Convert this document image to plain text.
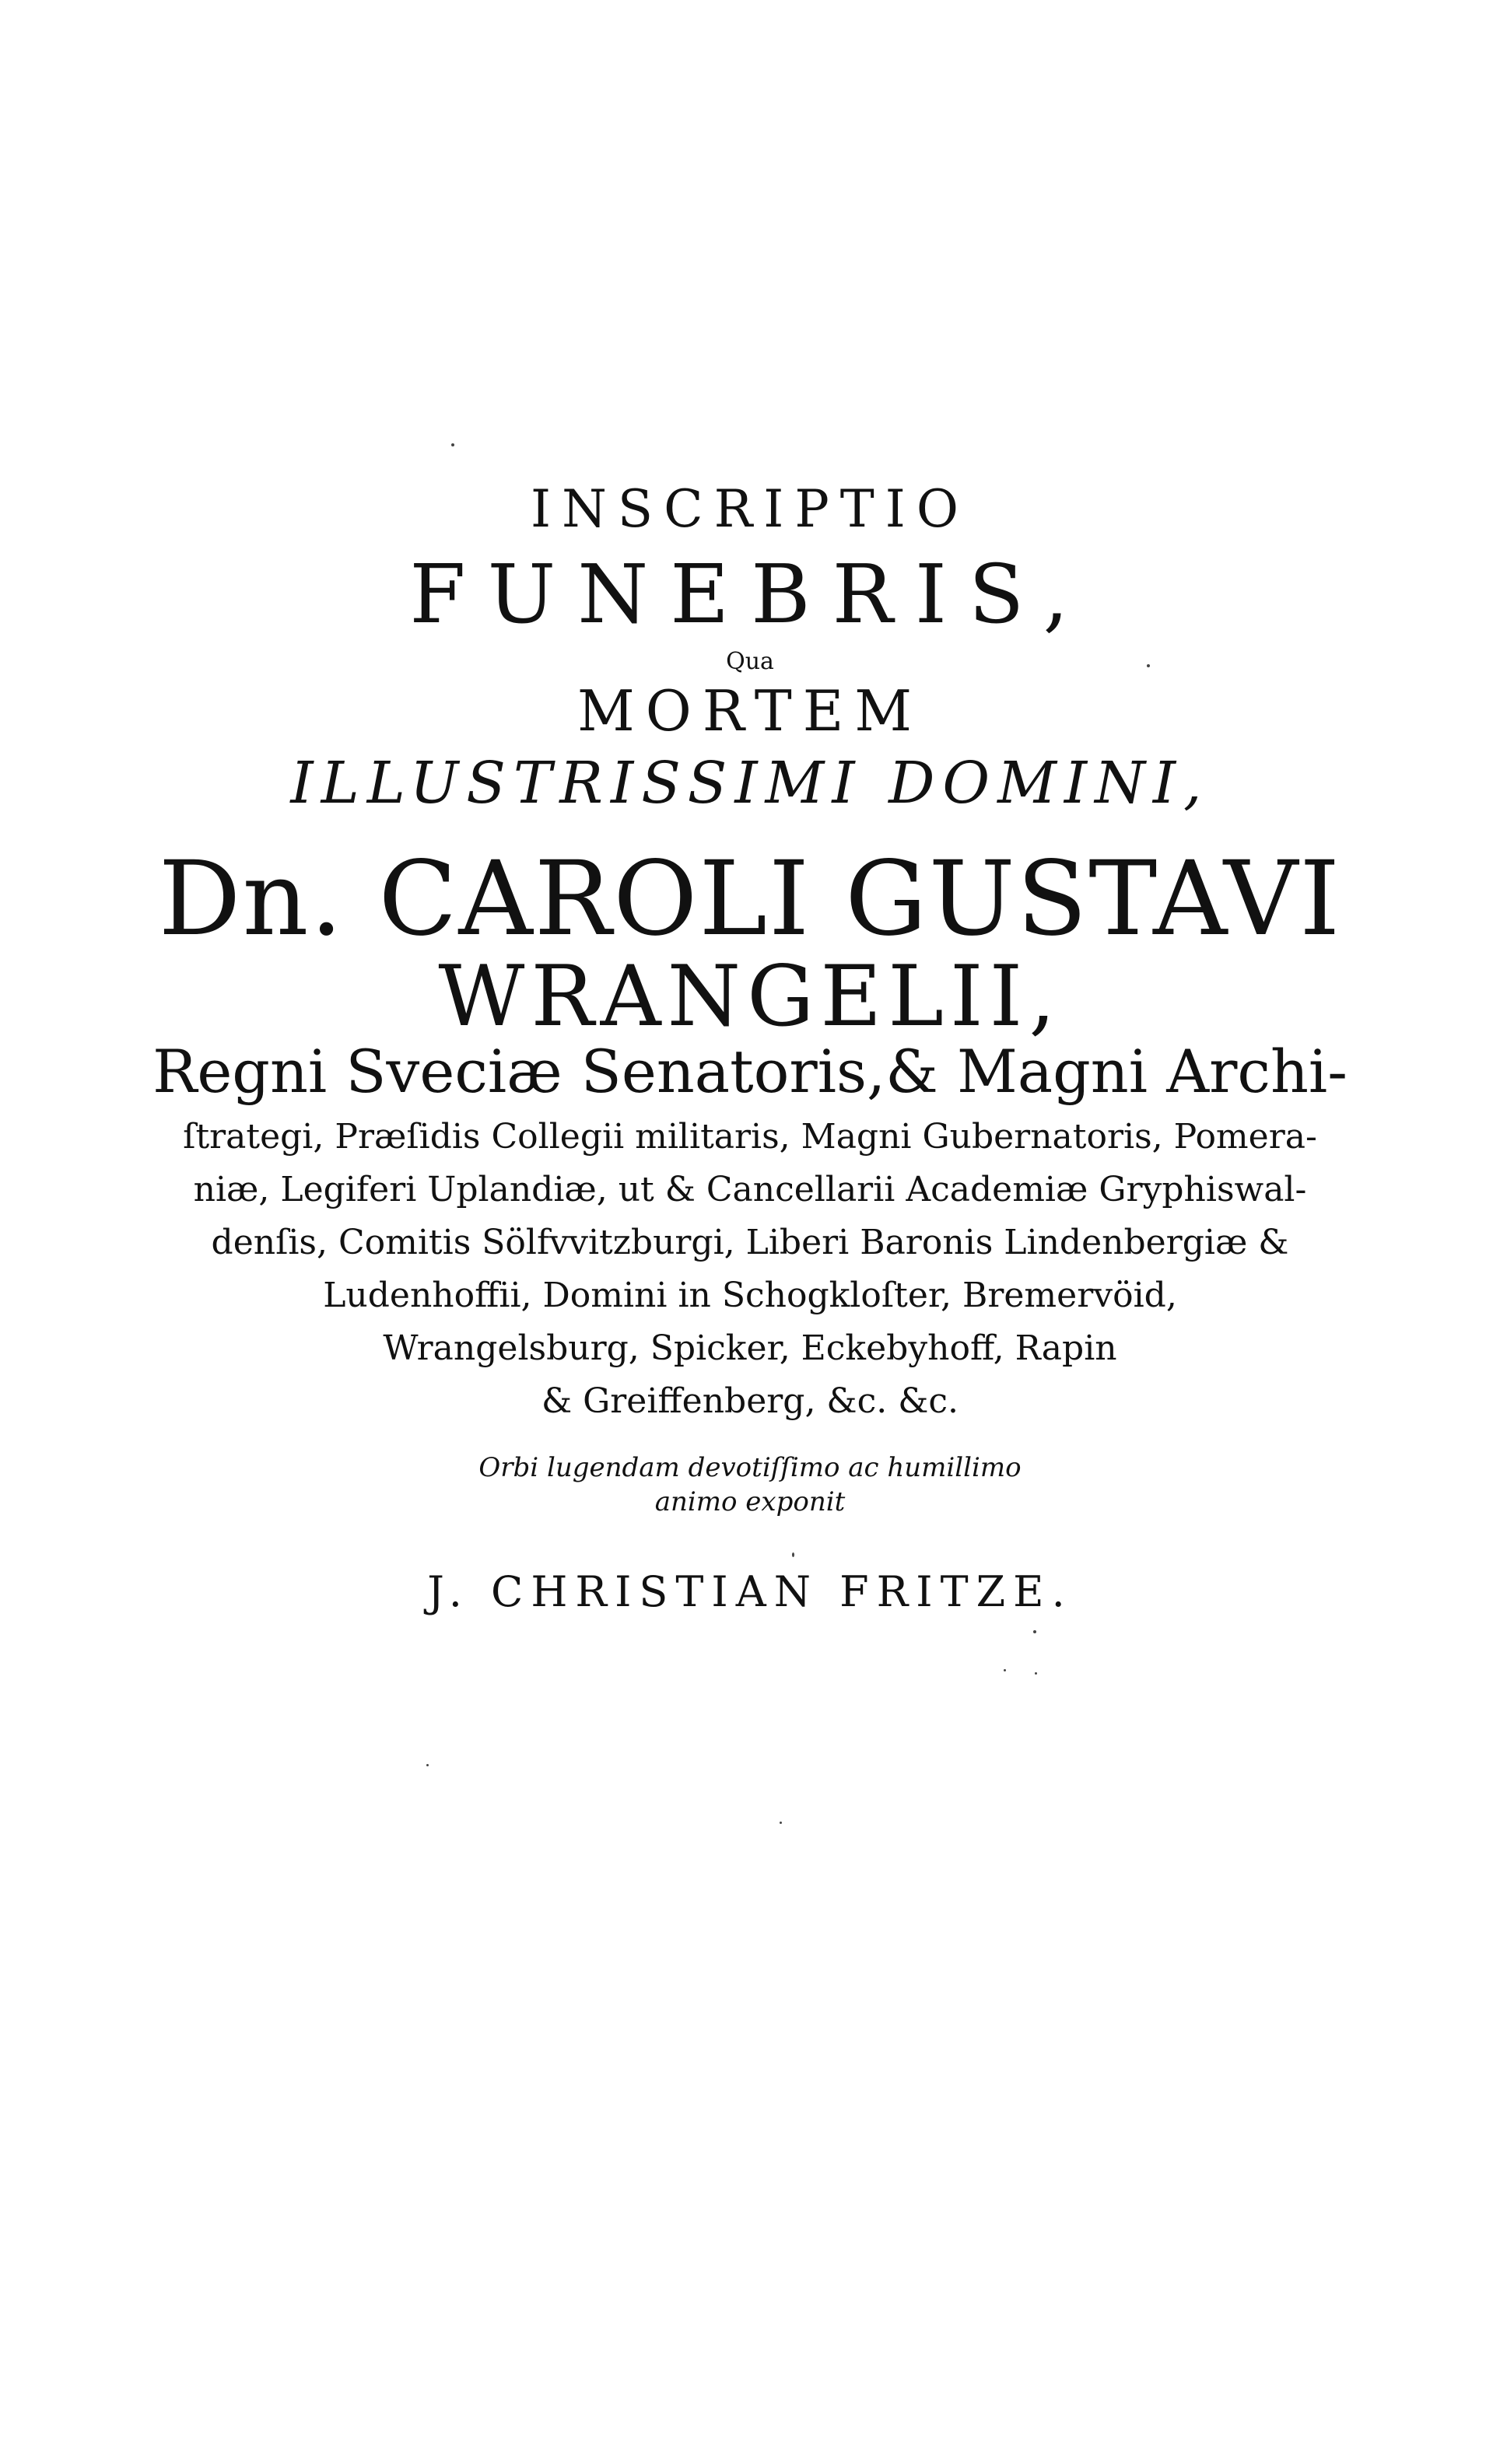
INSCRIPTIO
FUNEBRIS,
Qua
MORTEM
ILLUSTRISSIMI DOMINI,
Dn. CAROLI GUSTAVI
WRANGELII,
Regni Sveciæ Senatoris,& Magni Archi-
ſtrategi, Præſidis Collegii militaris, Magni Gubernatoris, Pomera-
niæ, Legiferi Uplandiæ, ut & Cancellarii Academiæ Gryphiswal-
denſis, Comitis Sölfvvitzburgi, Liberi Baronis Lindenbergiæ &
Ludenhoffii, Domini in Schogkloſter, Bremervöid,
Wrangelsburg, Spicker, Eckebyhoff, Rapin
& Greiffenberg, &c. &c.
Orbi lugendam devotiſſimo ac humillimo
animo exponit
J. CHRISTIAN FRITZE.
